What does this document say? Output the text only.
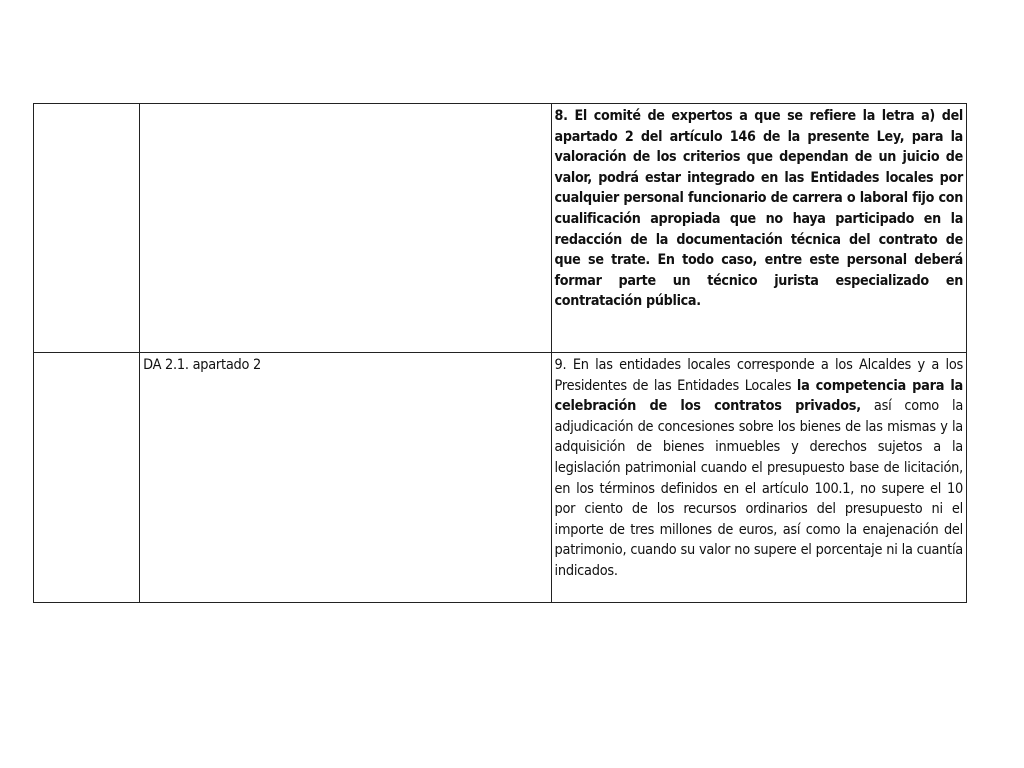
		8. El comité de expertos a que se refiere la letra a) del apartado 2 del artículo 146 de la presente Ley, para la valoración de los criterios que dependan de un juicio de valor, podrá estar integrado en las Entidades locales por cualquier personal funcionario de carrera o laboral fijo con cualificación apropiada que no haya participado en la redacción de la documentación técnica del contrato de que se trate. En todo caso, entre este personal deberá formar parte un técnico jurista especializado en contratación pública.

	DA 2.1. apartado 2	9. En las entidades locales corresponde a los Alcaldes y a los Presidentes de las Entidades Locales la competencia para la celebración de los contratos privados, así como la adjudicación de concesiones sobre los bienes de las mismas y la adquisición de bienes inmuebles y derechos sujetos a la legislación patrimonial cuando el presupuesto base de licitación, en los términos definidos en el artículo 100.1, no supere el 10 por ciento de los recursos ordinarios del presupuesto ni el importe de tres millones de euros, así como la enajenación del patrimonio, cuando su valor no supere el porcentaje ni la cuantía indicados.
